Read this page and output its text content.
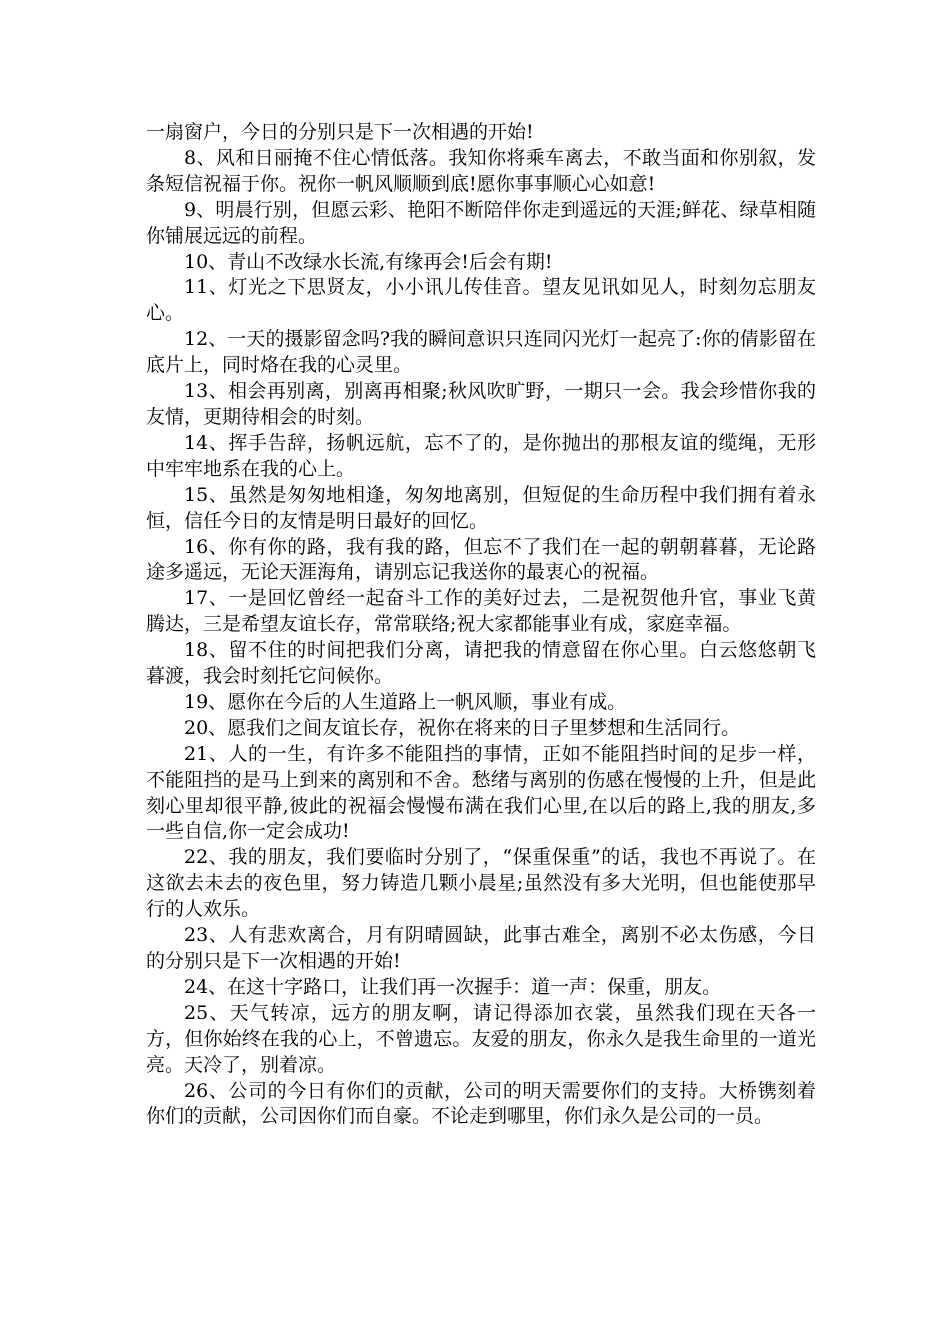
一扇窗户，今日的分别只是下一次相遇的开始!

8、风和日丽掩不住心情低落。我知你将乘车离去，不敢当面和你别叙，发条短信祝福于你。祝你一帆风顺顺到底!愿你事事顺心心如意!

9、明晨行别，但愿云彩、艳阳不断陪伴你走到遥远的天涯;鲜花、绿草相随你铺展远远的前程。

10、青山不改绿水长流,有缘再会!后会有期!

11、灯光之下思贤友，小小讯儿传佳音。望友见讯如见人，时刻勿忘朋友心。

12、一天的摄影留念吗?我的瞬间意识只连同闪光灯一起亮了:你的倩影留在底片上，同时烙在我的心灵里。

13、相会再别离，别离再相聚;秋风吹旷野，一期只一会。我会珍惜你我的友情，更期待相会的时刻。

14、挥手告辞，扬帆远航，忘不了的，是你抛出的那根友谊的缆绳，无形中牢牢地系在我的心上。

15、虽然是匆匆地相逢，匆匆地离别，但短促的生命历程中我们拥有着永恒，信任今日的友情是明日最好的回忆。

16、你有你的路，我有我的路，但忘不了我们在一起的朝朝暮暮，无论路途多遥远，无论天涯海角，请别忘记我送你的最衷心的祝福。

17、一是回忆曾经一起奋斗工作的美好过去，二是祝贺他升官，事业飞黄腾达，三是希望友谊长存，常常联络;祝大家都能事业有成，家庭幸福。

18、留不住的时间把我们分离，请把我的情意留在你心里。白云悠悠朝飞暮渡，我会时刻托它问候你。

19、愿你在今后的人生道路上一帆风顺，事业有成。

20、愿我们之间友谊长存，祝你在将来的日子里梦想和生活同行。

21、人的一生，有许多不能阻挡的事情，正如不能阻挡时间的足步一样，不能阻挡的是马上到来的离别和不舍。愁绪与离别的伤感在慢慢的上升，但是此刻心里却很平静,彼此的祝福会慢慢布满在我们心里,在以后的路上,我的朋友,多一些自信,你一定会成功!

22、我的朋友，我们要临时分别了，“保重保重”的话，我也不再说了。在这欲去未去的夜色里，努力铸造几颗小晨星;虽然没有多大光明，但也能使那早行的人欢乐。

23、人有悲欢离合，月有阴晴圆缺，此事古难全，离别不必太伤感，今日的分别只是下一次相遇的开始!

24、在这十字路口，让我们再一次握手：道一声：保重，朋友。

25、天气转凉，远方的朋友啊，请记得添加衣裳，虽然我们现在天各一方，但你始终在我的心上，不曾遗忘。友爱的朋友，你永久是我生命里的一道光亮。天冷了，别着凉。

26、公司的今日有你们的贡献，公司的明天需要你们的支持。大桥镌刻着你们的贡献，公司因你们而自豪。不论走到哪里，你们永久是公司的一员。
